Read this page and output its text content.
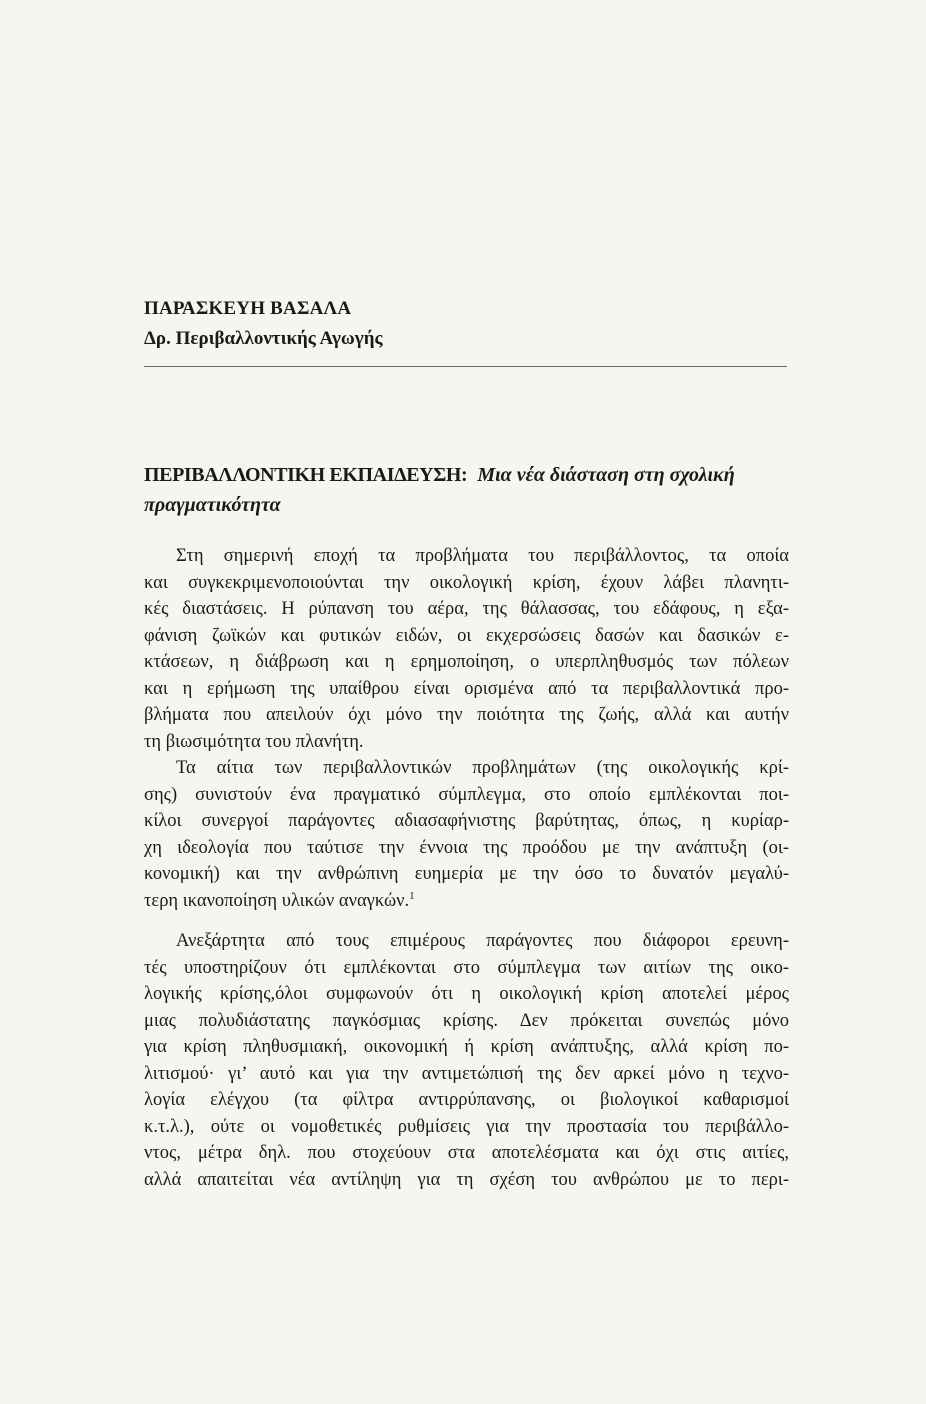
ΠΑΡΑΣΚΕΥΗ ΒΑΣΑΛΑ
Δρ. Περιβαλλοντικής Αγωγής
ΠΕΡΙΒΑΛΛΟΝΤΙΚΗ ΕΚΠΑΙΔΕΥΣΗ: Μια νέα διάσταση στη σχολική
πραγματικότητα

Στη σημερινή εποχή τα προβλήματα του περιβάλλοντος, τα οποία
και συγκεκριμενοποιούνται την οικολογική κρίση, έχουν λάβει πλανητι-
κές διαστάσεις. Η ρύπανση του αέρα, της θάλασσας, του εδάφους, η εξα-
φάνιση ζωϊκών και φυτικών ειδών, οι εκχερσώσεις δασών και δασικών ε-
κτάσεων, η διάβρωση και η ερημοποίηση, ο υπερπληθυσμός των πόλεων
και η ερήμωση της υπαίθρου είναι ορισμένα από τα περιβαλλοντικά προ-
βλήματα που απειλούν όχι μόνο την ποιότητα της ζωής, αλλά και αυτήν
τη βιωσιμότητα του πλανήτη.

Τα αίτια των περιβαλλοντικών προβλημάτων (της οικολογικής κρί-
σης) συνιστούν ένα πραγματικό σύμπλεγμα, στο οποίο εμπλέκονται ποι-
κίλοι συνεργοί παράγοντες αδιασαφήνιστης βαρύτητας, όπως, η κυρίαρ-
χη ιδεολογία που ταύτισε την έννοια της προόδου με την ανάπτυξη (οι-
κονομική) και την ανθρώπινη ευημερία με την όσο το δυνατόν μεγαλύ-
τερη ικανοποίηση υλικών αναγκών.$^1$

Ανεξάρτητα από τους επιμέρους παράγοντες που διάφοροι ερευνη-
τές υποστηρίζουν ότι εμπλέκονται στο σύμπλεγμα των αιτίων της οικο-
λογικής κρίσης,όλοι συμφωνούν ότι η οικολογική κρίση αποτελεί μέρος
μιας πολυδιάστατης παγκόσμιας κρίσης. Δεν πρόκειται συνεπώς μόνο
για κρίση πληθυσμιακή, οικονομική ή κρίση ανάπτυξης, αλλά κρίση πο-
λιτισμού· γι’ αυτό και για την αντιμετώπισή της δεν αρκεί μόνο η τεχνο-
λογία ελέγχου (τα φίλτρα αντιρρύπανσης, οι βιολογικοί καθαρισμοί
κ.τ.λ.), ούτε οι νομοθετικές ρυθμίσεις για την προστασία του περιβάλλο-
ντος, μέτρα δηλ. που στοχεύουν στα αποτελέσματα και όχι στις αιτίες,
αλλά απαιτείται νέα αντίληψη για τη σχέση του ανθρώπου με το περι-
